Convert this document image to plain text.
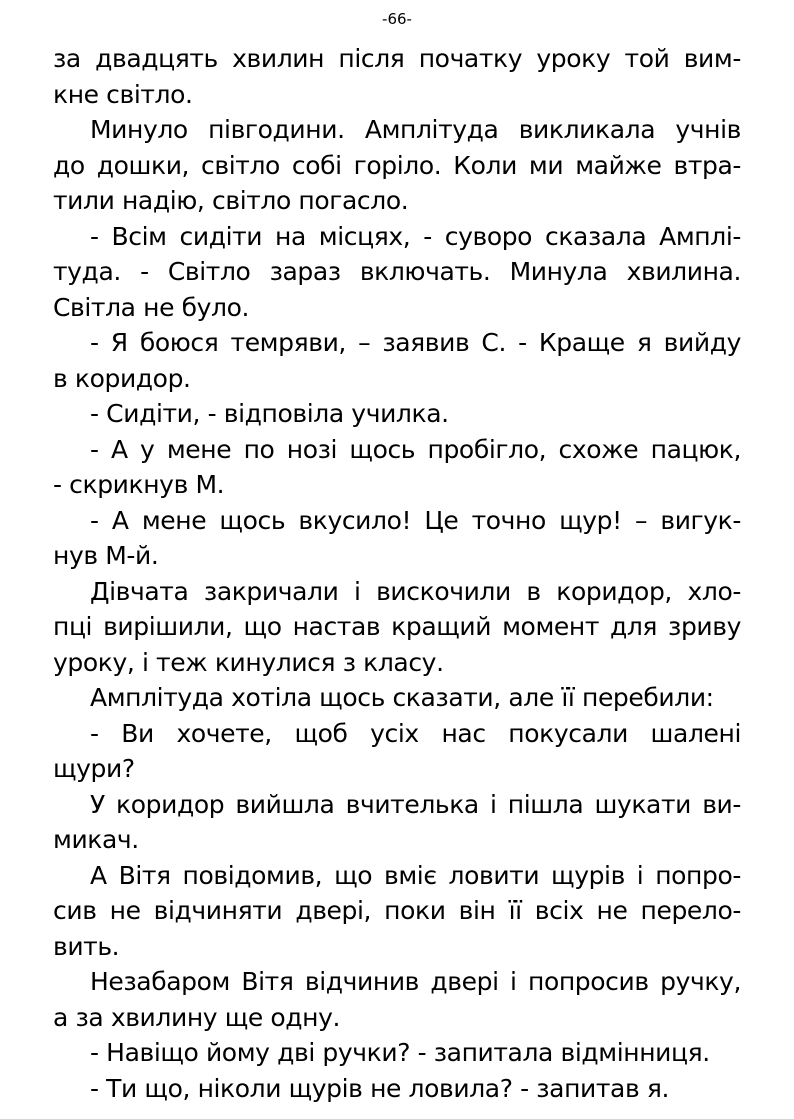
-66-
за двадцять хвилин після початку уроку той вим-
кне світло.
Минуло півгодини. Амплітуда викликала учнів
до дошки, світло собі горіло. Коли ми майже втра-
тили надію, світло погасло.
- Всім сидіти на місцях, - суворо сказала Амплі-
туда. - Світло зараз включать. Минула хвилина.
Світла не було.
- Я боюся темряви, – заявив С. - Краще я вийду
в коридор.
- Сидіти, - відповіла училка.
- А у мене по нозі щось пробігло, схоже пацюк,
- скрикнув М.
- А мене щось вкусило! Це точно щур! – вигук-
нув М-й.
Дівчата закричали і вискочили в коридор, хло-
пці вирішили, що настав кращий момент для зриву
уроку, і теж кинулися з класу.
Амплітуда хотіла щось сказати, але її перебили:
- Ви хочете, щоб усіх нас покусали шалені
щури?
У коридор вийшла вчителька і пішла шукати ви-
микач.
А Вітя повідомив, що вміє ловити щурів і попро-
сив не відчиняти двері, поки він її всіх не перело-
вить.
Незабаром Вітя відчинив двері і попросив ручку,
а за хвилину ще одну.
- Навіщо йому дві ручки? - запитала відмінниця.
- Ти що, ніколи щурів не ловила? - запитав я.
